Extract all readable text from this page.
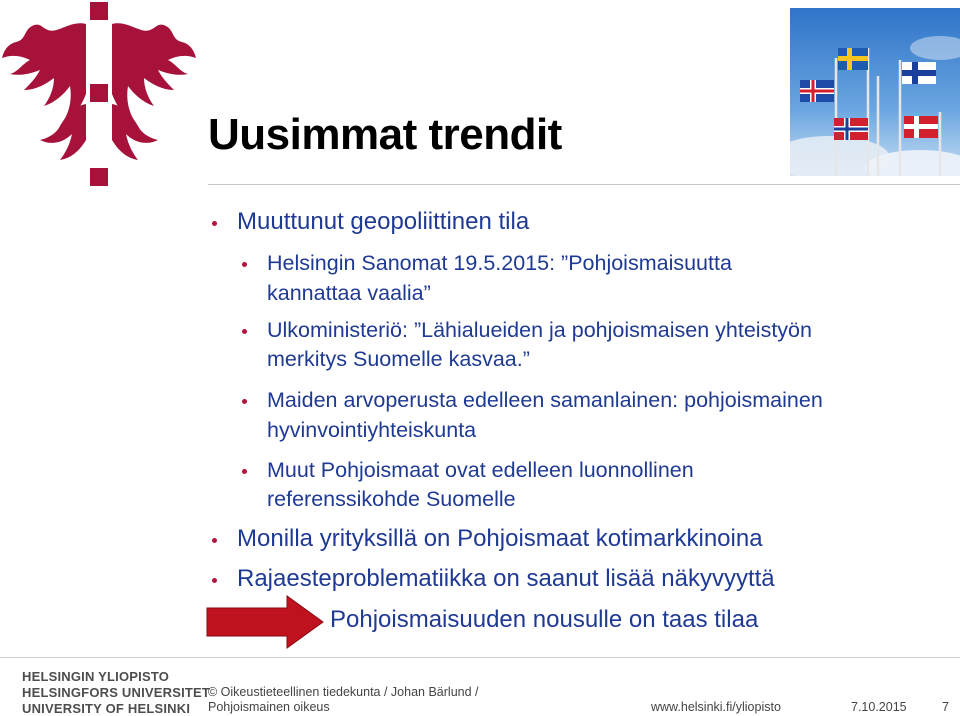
Uusimmat trendit

Muuttunut geopoliittinen tila

Helsingin Sanomat 19.5.2015: ”Pohjoismaisuutta

kannattaa vaalia”

Ulkoministeriö: ”Lähialueiden ja pohjoismaisen yhteistyön

merkitys Suomelle kasvaa.”

Maiden arvoperusta edelleen samanlainen: pohjoismainen

hyvinvointiyhteiskunta

Muut Pohjoismaat ovat edelleen luonnollinen

referenssikohde Suomelle

Monilla yrityksillä on Pohjoismaat kotimarkkinoina

Rajaesteproblematiikka on saanut lisää näkyvyyttä

Pohjoismaisuuden nousulle on taas tilaa

HELSINGIN YLIOPISTO
HELSINGFORS UNIVERSITET
UNIVERSITY OF HELSINKI
© Oikeustieteellinen tiedekunta / Johan Bärlund /
Pohjoismainen oikeus	www.helsinki.fi/yliopisto	7.10.2015	7
